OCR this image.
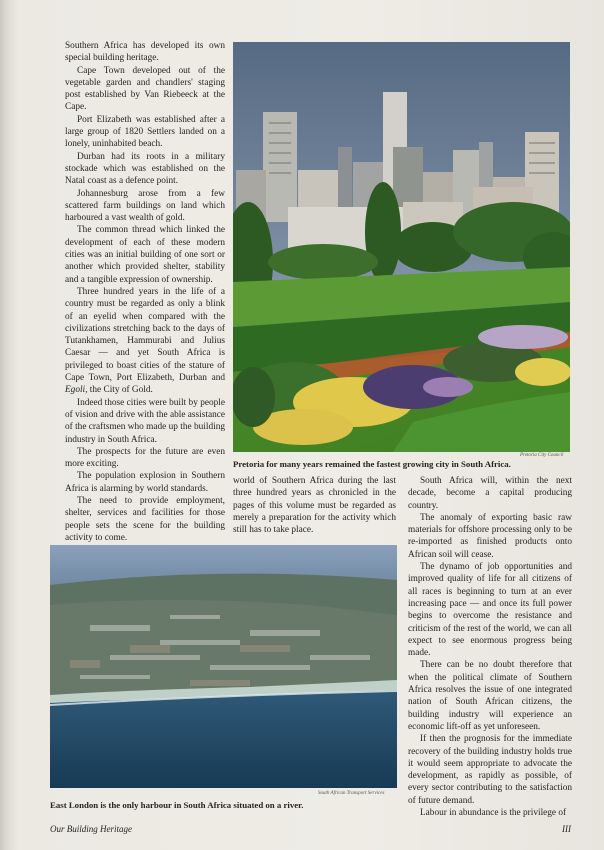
Southern Africa has developed its own special building heritage.

Cape Town developed out of the vegetable garden and chandlers' staging post established by Van Riebeeck at the Cape.

Port Elizabeth was established after a large group of 1820 Settlers landed on a lonely, uninhabited beach.

Durban had its roots in a military stockade which was established on the Natal coast as a defence point.

Johannesburg arose from a few scattered farm buildings on land which harboured a vast wealth of gold.

The common thread which linked the development of each of these modern cities was an initial building of one sort or another which provided shelter, stability and a tangible expression of ownership.

Three hundred years in the life of a country must be regarded as only a blink of an eyelid when compared with the civilizations stretching back to the days of Tutankhamen, Hammurabi and Julius Caesar — and yet South Africa is privileged to boast cities of the stature of Cape Town, Port Elizabeth, Durban and Egoli, the City of Gold.

Indeed those cities were built by people of vision and drive with the able assistance of the craftsmen who made up the building industry in South Africa.

The prospects for the future are even more exciting.

The population explosion in Southern Africa is alarming by world standards.

The need to provide employment, shelter, services and facilities for those people sets the scene for the building activity to come.

Pretoria City Council
Pretoria for many years remained the fastest growing city in South Africa.

world of Southern Africa during the last three hundred years as chronicled in the pages of this volume must be regarded as merely a preparation for the activity which still has to take place.

South Africa will, within the next decade, become a capital producing country.

The anomaly of exporting basic raw materials for offshore processing only to be re-imported as finished products onto African soil will cease.

The dynamo of job opportunities and improved quality of life for all citizens of all races is beginning to turn at an ever increasing pace — and once its full power begins to overcome the resistance and criticism of the rest of the world, we can all expect to see enormous progress being made.

There can be no doubt therefore that when the political climate of Southern Africa resolves the issue of one integrated nation of South African citizens, the building industry will experience an economic lift-off as yet unforeseen.

If then the prognosis for the immediate recovery of the building industry holds true it would seem appropriate to advocate the development, as rapidly as possible, of every sector contributing to the satisfaction of future demand.

Labour in abundance is the privilege of

South African Transport Services
East London is the only harbour in South Africa situated on a river.
Our Building Heritage	III
